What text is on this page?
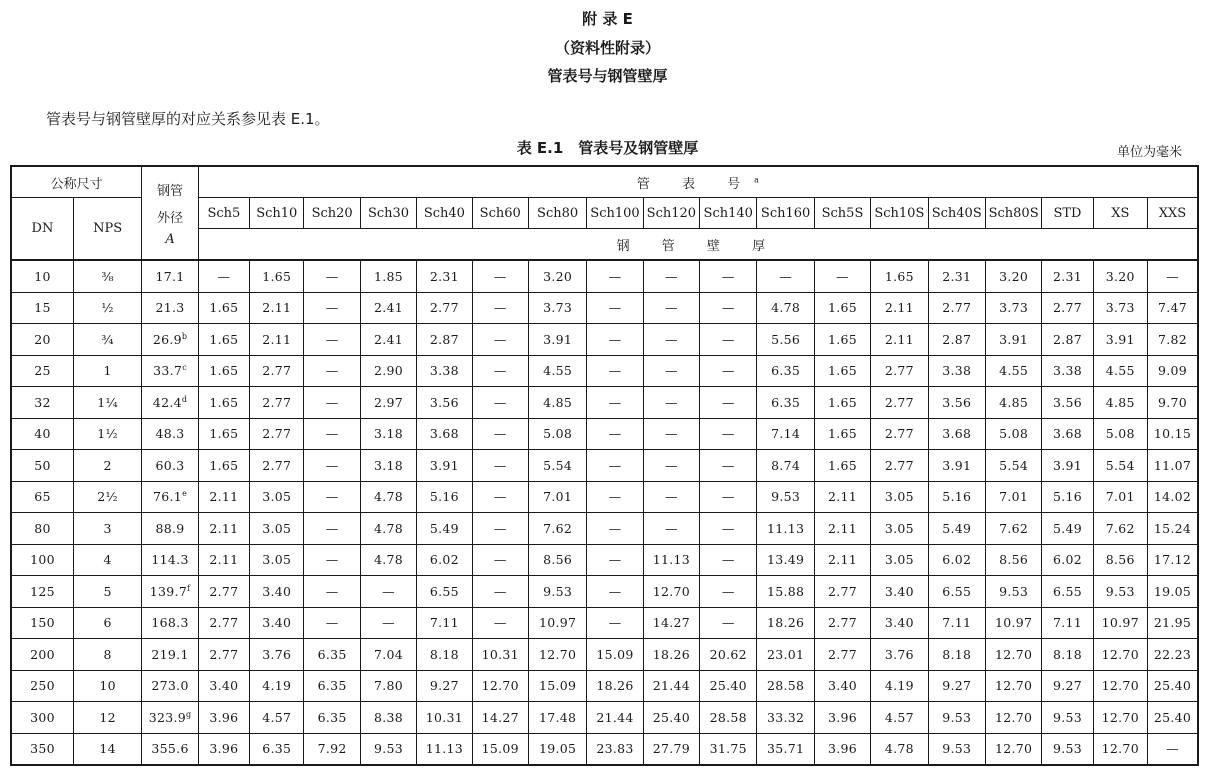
附 录 E
（资料性附录）
管表号与钢管壁厚
管表号与钢管壁厚的对应关系参见表 E.1。
表 E.1　管表号及钢管壁厚	单位为毫米
公称尺寸		钢管
外径
A	管 表 号$^a$
DN	NPS		Sch5	Sch10	Sch20	Sch30	Sch40	Sch60	Sch80	Sch100	Sch120	Sch140	Sch160	Sch5S	Sch10S	Sch40S	Sch80S	STD	XS	XXS
			钢 管 壁 厚																	
10	⅜	17.1	—	1.65	—	1.85	2.31	—	3.20	—	—	—	—	—	1.65	2.31	3.20	2.31	3.20	—
15	½	21.3	1.65	2.11	—	2.41	2.77	—	3.73	—	—	—	4.78	1.65	2.11	2.77	3.73	2.77	3.73	7.47
20	¾	26.9$^b$	1.65	2.11	—	2.41	2.87	—	3.91	—	—	—	5.56	1.65	2.11	2.87	3.91	2.87	3.91	7.82
25	1	33.7$^c$	1.65	2.77	—	2.90	3.38	—	4.55	—	—	—	6.35	1.65	2.77	3.38	4.55	3.38	4.55	9.09
32	1¼	42.4$^d$	1.65	2.77	—	2.97	3.56	—	4.85	—	—	—	6.35	1.65	2.77	3.56	4.85	3.56	4.85	9.70
40	1½	48.3	1.65	2.77	—	3.18	3.68	—	5.08	—	—	—	7.14	1.65	2.77	3.68	5.08	3.68	5.08	10.15
50	2	60.3	1.65	2.77	—	3.18	3.91	—	5.54	—	—	—	8.74	1.65	2.77	3.91	5.54	3.91	5.54	11.07
65	2½	76.1e	2.11	3.05	—	4.78	5.16	—	7.01	—	—	—	9.53	2.11	3.05	5.16	7.01	5.16	7.01	14.02
80	3	88.9	2.11	3.05	—	4.78	5.49	—	7.62	—	—	—	11.13	2.11	3.05	5.49	7.62	5.49	7.62	15.24
100	4	114.3	2.11	3.05	—	4.78	6.02	—	8.56	—	11.13	—	13.49	2.11	3.05	6.02	8.56	6.02	8.56	17.12
125	5	139.7$^f$	2.77	3.40	—	—	6.55	—	9.53	—	12.70	—	15.88	2.77	3.40	6.55	9.53	6.55	9.53	19.05
150	6	168.3	2.77	3.40	—	—	7.11	—	10.97	—	14.27	—	18.26	2.77	3.40	7.11	10.97	7.11	10.97	21.95
200	8	219.1	2.77	3.76	6.35	7.04	8.18	10.31	12.70	15.09	18.26	20.62	23.01	2.77	3.76	8.18	12.70	8.18	12.70	22.23
250	10	273.0	3.40	4.19	6.35	7.80	9.27	12.70	15.09	18.26	21.44	25.40	28.58	3.40	4.19	9.27	12.70	9.27	12.70	25.40
300	12	323.9$^g$	3.96	4.57	6.35	8.38	10.31	14.27	17.48	21.44	25.40	28.58	33.32	3.96	4.57	9.53	12.70	9.53	12.70	25.40
350	14	355.6	3.96	6.35	7.92	9.53	11.13	15.09	19.05	23.83	27.79	31.75	35.71	3.96	4.78	9.53	12.70	9.53	12.70	—
